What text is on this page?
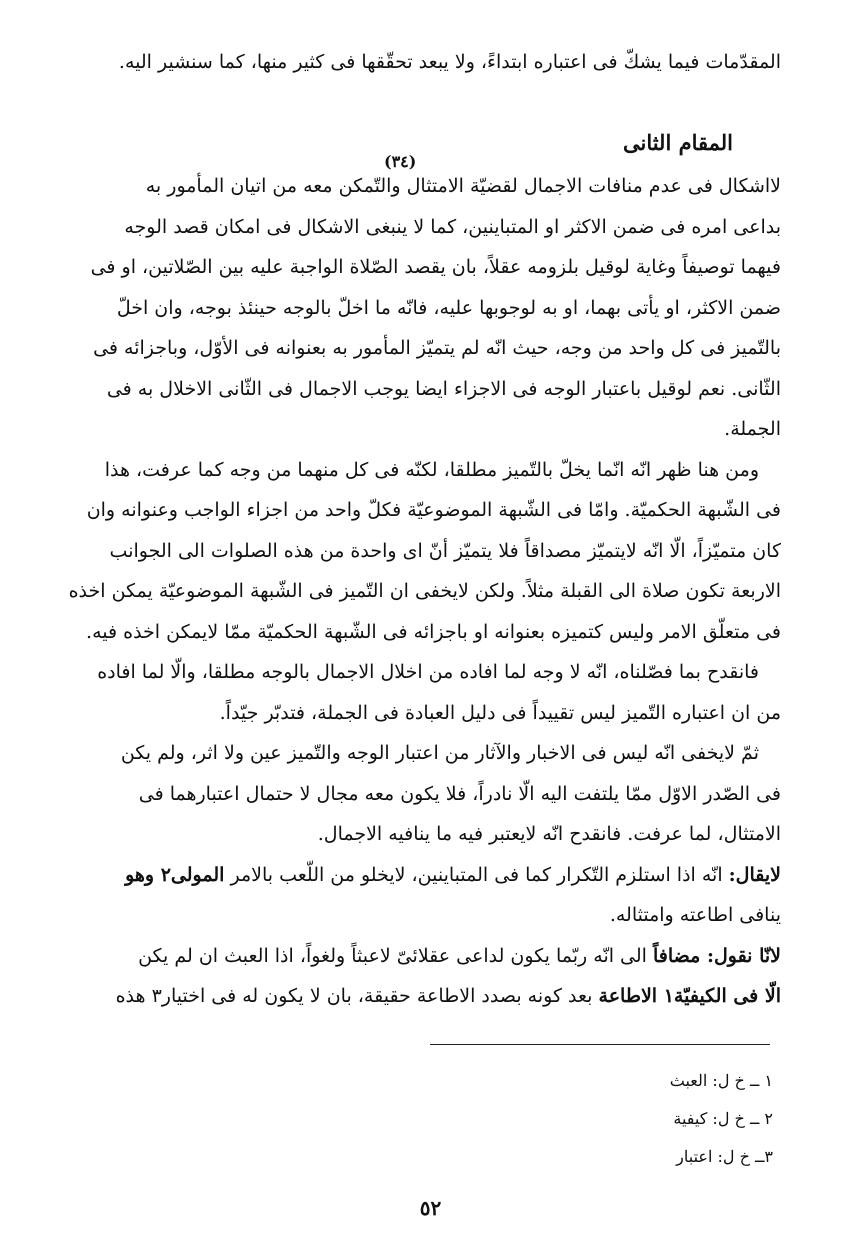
المقدّمات فيما يشكّ فى اعتباره ابتداءً، ولا يبعد تحقّقها فى كثير منها، كما سنشير اليه.
المقام الثانى
(٣٤)
لااشكال فى عدم منافات الاجمال لقضيّة الامتثال والتّمكن معه من اتيان المأمور به
بداعى امره فى ضمن الاكثر او المتباينين، كما لا ينبغى الاشكال فى امكان قصد الوجه
فيهما توصيفاً وغاية لوقيل بلزومه عقلاً، بان يقصد الصّلاة الواجبة عليه بين الصّلاتين، او فى
ضمن الاكثر، او يأتى بهما، او به لوجوبها عليه، فانّه ما اخلّ بالوجه حينئذ بوجه، وان اخلّ
بالتّميز فى كل واحد من وجه، حيث انّه لم يتميّز المأمور به بعنوانه فى الأوّل، وباجزائه فى
الثّانى. نعم لوقيل باعتبار الوجه فى الاجزاء ايضا يوجب الاجمال فى الثّانى الاخلال به فى
الجملة.
ومن هنا ظهر انّه انّما يخلّ بالتّميز مطلقا، لكنّه فى كل منهما من وجه كما عرفت، هذا
فى الشّبهة الحكميّة. وامّا فى الشّبهة الموضوعيّة فكلّ واحد من اجزاء الواجب وعنوانه وان
كان متميّزاً، الّا انّه لايتميّز مصداقاً فلا يتميّز أنّ اى واحدة من هذه الصلوات الى الجوانب
الاربعة تكون صلاة الى القبلة مثلاً. ولكن لايخفى ان التّميز فى الشّبهة الموضوعيّة يمكن اخذه
فى متعلّق الامر وليس كتميزه بعنوانه او باجزائه فى الشّبهة الحكميّة ممّا لايمكن اخذه فيه.
فانقدح بما فصّلناه، انّه لا وجه لما افاده من اخلال الاجمال بالوجه مطلقا، والّا لما افاده
من ان اعتباره التّميز ليس تقييداً فى دليل العبادة فى الجملة، فتدبّر جيّداً.
ثمّ لايخفى انّه ليس فى الاخبار والآثار من اعتبار الوجه والتّميز عين ولا اثر، ولم يكن
فى الصّدر الاوّل ممّا يلتفت اليه الّا نادراً، فلا يكون معه مجال لا حتمال اعتبارهما فى
الامتثال، لما عرفت. فانقدح انّه لايعتبر فيه ما ينافيه الاجمال.
لايقال: انّه اذا استلزم التّكرار كما فى المتباينين، لايخلو من اللّعب بالامر المولى٢ وهو
ينافى اطاعته وامتثاله.
لانّا نقول: مضافاً الى انّه ربّما يكون لداعى عقلائىّ لاعبثاً ولغواً، اذا العبث ان لم يكن
الّا فى الكيفيّة١ الاطاعة بعد كونه بصدد الاطاعة حقيقة، بان لا يكون له فى اختيار٣ هذه
١ ــ خ ل: العبث
٢ ــ خ ل: كيفية
٣ــ خ ل: اعتبار
٥٢
